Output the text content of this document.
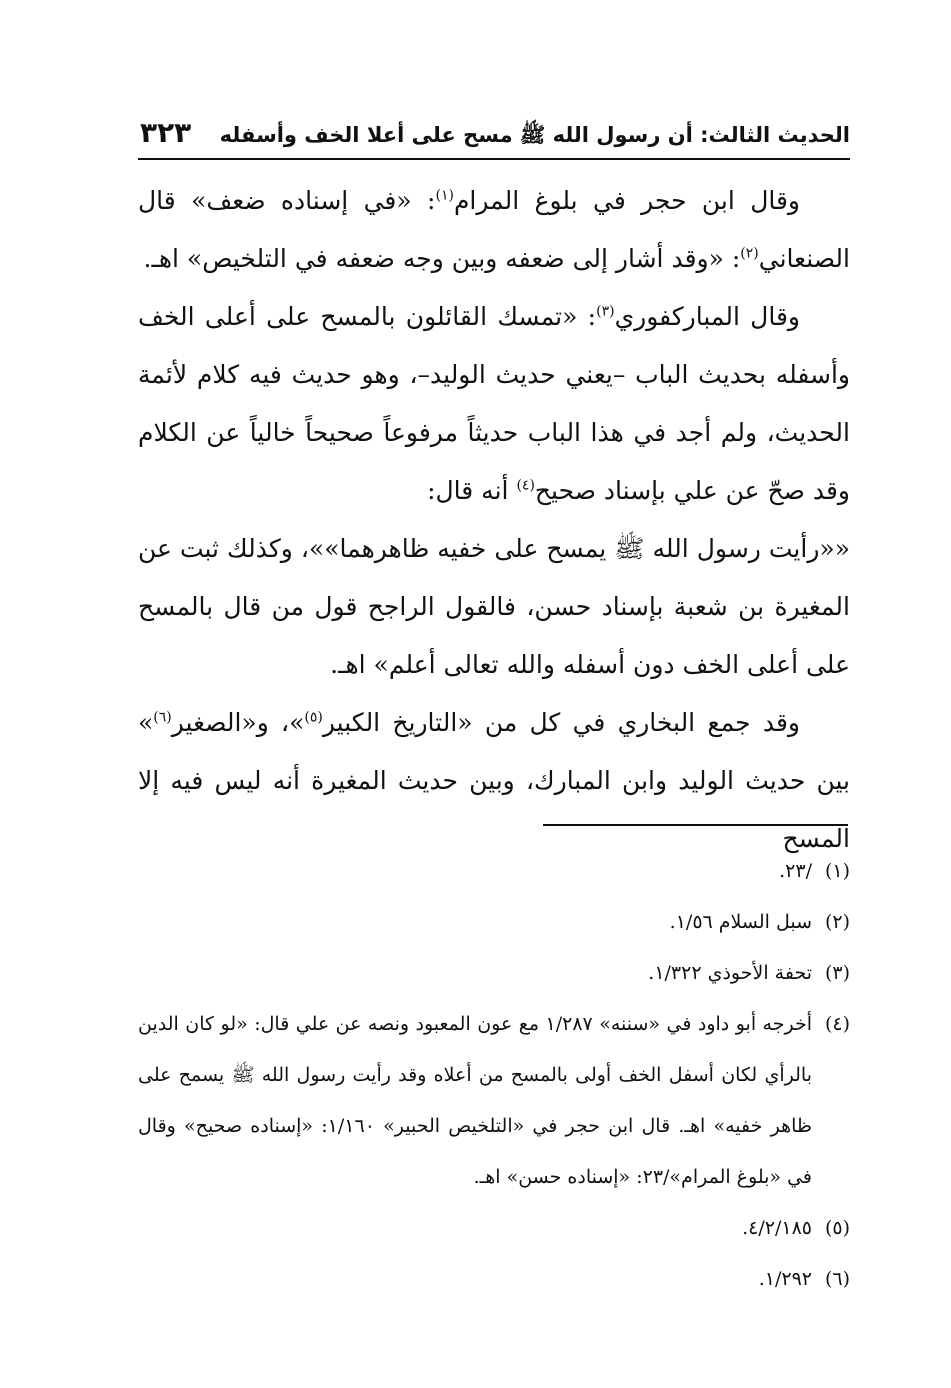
الحديث الثالث: أن رسول الله ﷺ مسح على أعلا الخف وأسفله
٣٢٣

وقال ابن حجر في بلوغ المرام$^{(١)}$: «في إسناده ضعف» قال الصنعاني$^{(٢)}$: «وقد أشار إلى ضعفه وبين وجه ضعفه في التلخيص» اهـ.

وقال المباركفوري$^{(٣)}$: «تمسك القائلون بالمسح على أعلى الخف وأسفله بحديث الباب –يعني حديث الوليد–، وهو حديث فيه كلام لأئمة الحديث، ولم أجد في هذا الباب حديثاً مرفوعاً صحيحاً خالياً عن الكلام وقد صحّ عن علي بإسناد صحيح$^{(٤)}$ أنه قال:

««رأيت رسول الله ﷺ يمسح على خفيه ظاهرهما»»، وكذلك ثبت عن المغيرة بن شعبة بإسناد حسن، فالقول الراجح قول من قال بالمسح على أعلى الخف دون أسفله والله تعالى أعلم» اهـ.

وقد جمع البخاري في كل من «التاريخ الكبير$^{(٥)}$»، و«الصغير$^{(٦)}$» بين حديث الوليد وابن المبارك، وبين حديث المغيرة أنه ليس فيه إلا المسح

(١)/٢٣.

(٢)سبل السلام ١/٥٦.

(٣)تحفة الأحوذي ١/٣٢٢.

(٤)أخرجه أبو داود في «سننه» ١/٢٨٧ مع عون المعبود ونصه عن علي قال: «لو كان الدين بالرأي لكان أسفل الخف أولى بالمسح من أعلاه وقد رأيت رسول الله ﷺ يسمح على ظاهر خفيه» اهـ. قال ابن حجر في «التلخيص الحبير» ١/١٦٠: «إسناده صحيح» وقال في «بلوغ المرام»/٢٣: «إسناده حسن» اهـ.

(٥)٤/٢/١٨٥.

(٦)١/٢٩٢.
